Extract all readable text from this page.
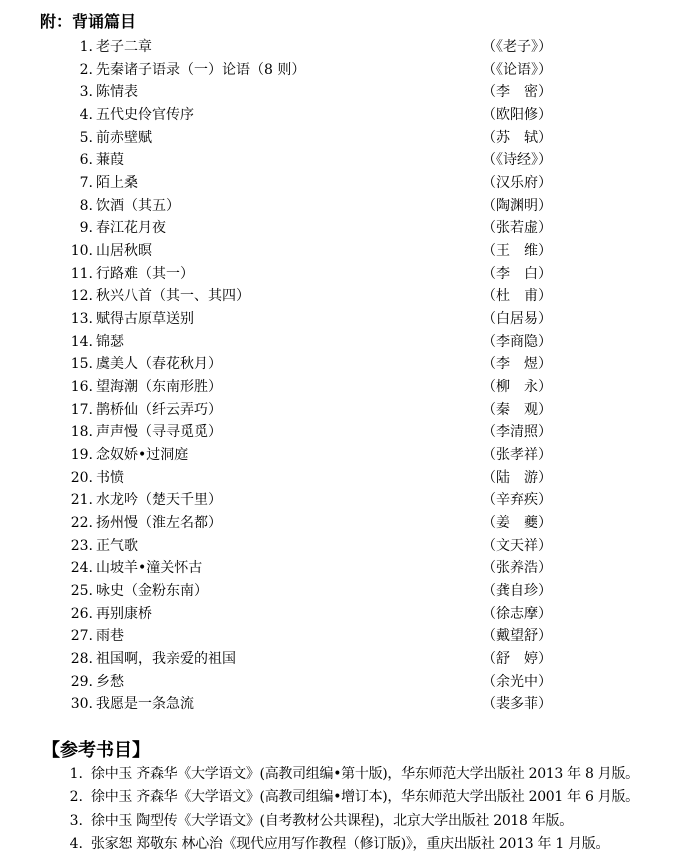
附：背诵篇目
1. 老子二章	（《老子》）
2. 先秦诸子语录（一）论语（8 则）	（《论语》）
3. 陈情表	（李　密）
4. 五代史伶官传序	（欧阳修）
5. 前赤壁赋	（苏　轼）
6. 蒹葭	（《诗经》）
7. 陌上桑	（汉乐府）
8. 饮酒（其五）	（陶渊明）
9. 春江花月夜	（张若虚）
10. 山居秋暝	（王　维）
11. 行路难（其一）	（李　白）
12. 秋兴八首（其一、其四）	（杜　甫）
13. 赋得古原草送别	（白居易）
14. 锦瑟	（李商隐）
15. 虞美人（春花秋月）	（李　煜）
16. 望海潮（东南形胜）	（柳　永）
17. 鹊桥仙（纤云弄巧）	（秦　观）
18. 声声慢（寻寻觅觅）	（李清照）
19. 念奴娇•过洞庭	（张孝祥）
20. 书愤	（陆　游）
21. 水龙吟（楚天千里）	（辛弃疾）
22. 扬州慢（淮左名都）	（姜　夔）
23. 正气歌	（文天祥）
24. 山坡羊•潼关怀古	（张养浩）
25. 咏史（金粉东南）	（龚自珍）
26. 再别康桥	（徐志摩）
27. 雨巷	（戴望舒）
28. 祖国啊，我亲爱的祖国	（舒　婷）
29. 乡愁	（余光中）
30. 我愿是一条急流	（裴多菲）
【参考书目】
1. 徐中玉 齐森华《大学语文》(高教司组编•第十版)，华东师范大学出版社 2013 年 8 月版。
2. 徐中玉 齐森华《大学语文》(高教司组编•增订本)，华东师范大学出版社 2001 年 6 月版。
3. 徐中玉 陶型传《大学语文》(自考教材公共课程)，北京大学出版社 2018 年版。
4. 张家恕 郑敬东 林心治《现代应用写作教程（修订版)》，重庆出版社 2013 年 1 月版。
